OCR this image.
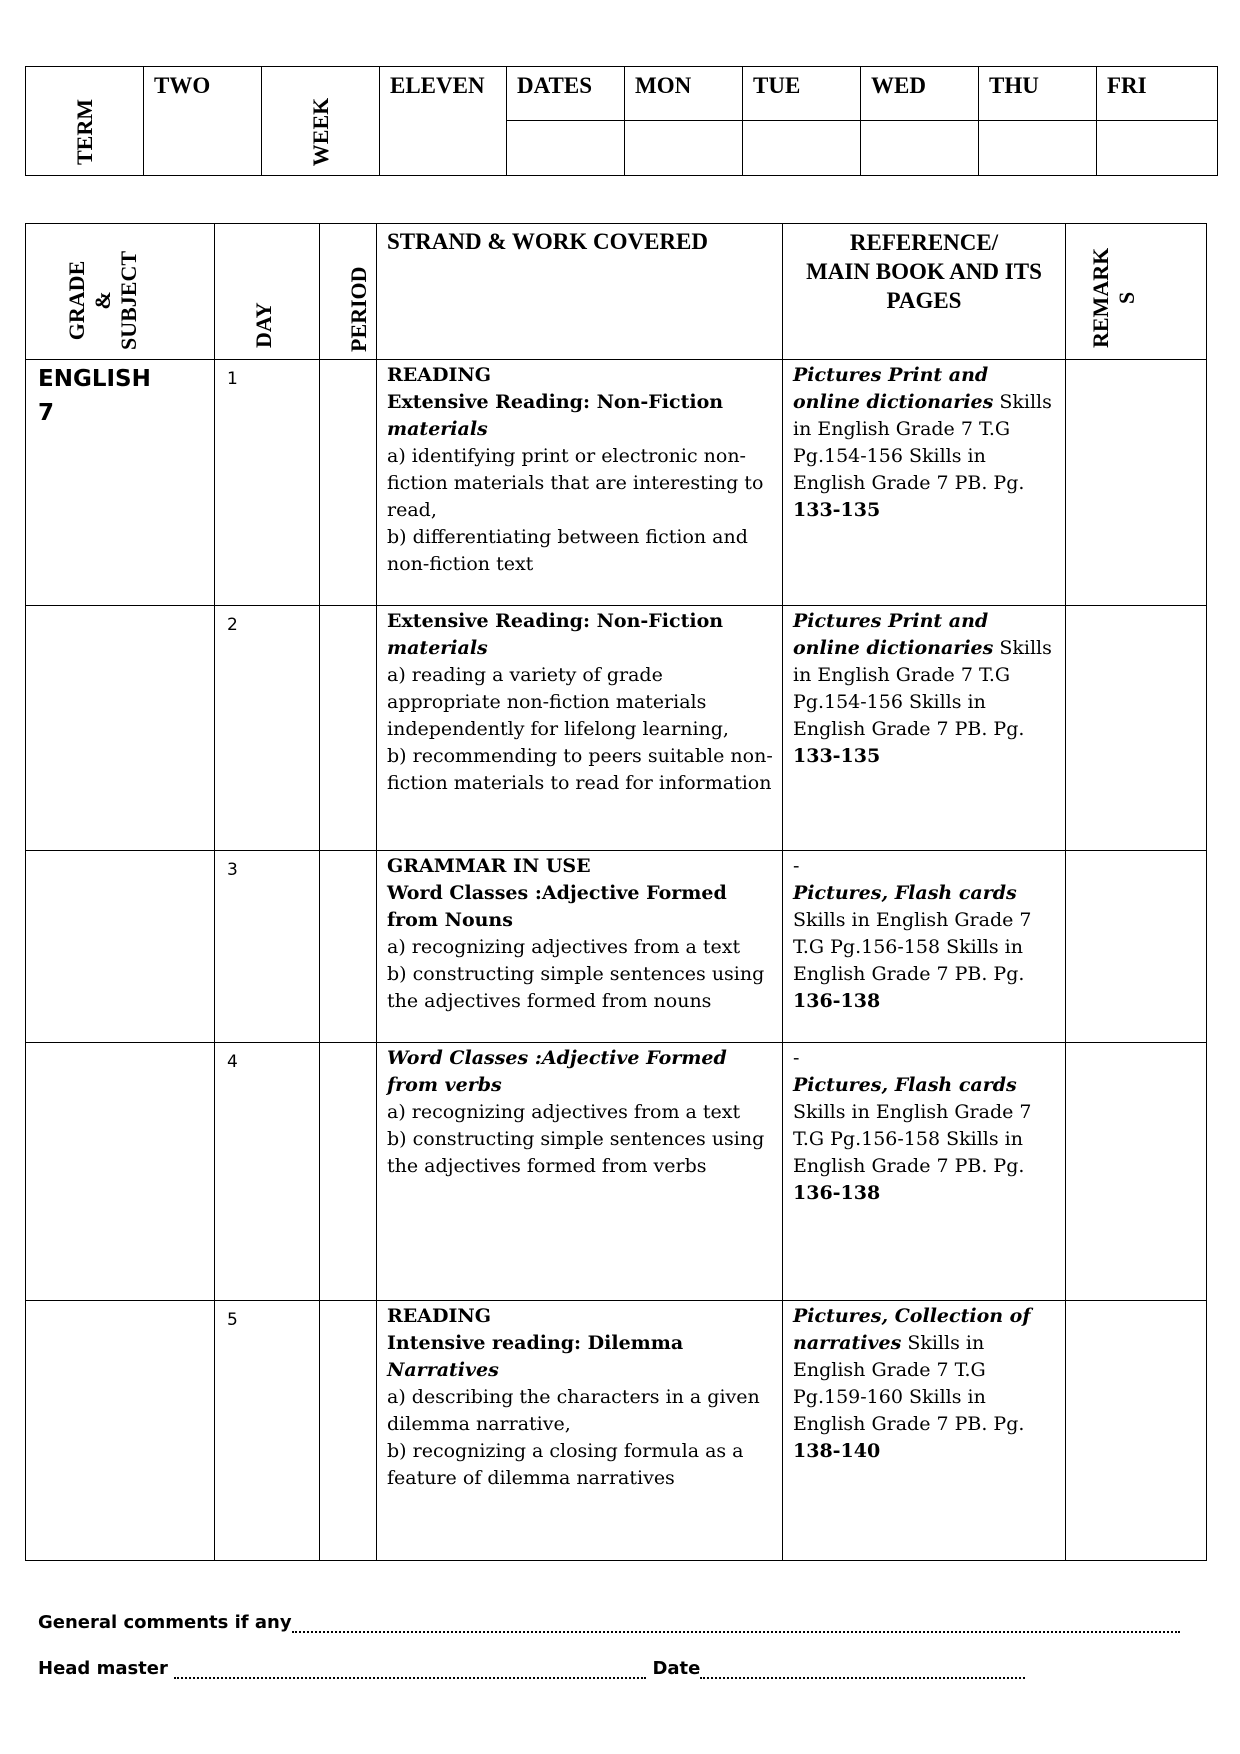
TERM	TWO	WEEK	ELEVEN	DATES	MON	TUE	WED	THU	FRI

GRADE
&
SUBJECT	DAY	PERIOD	STRAND & WORK COVERED	REFERENCE/
MAIN BOOK AND ITS
PAGES	REMARK
S

ENGLISH
7	1		READING
Extensive Reading: Non-Fiction materials
a) identifying print or electronic non-fiction materials that are interesting to read,
b) differentiating between fiction and non-fiction text	Pictures Print and online dictionaries Skills in English Grade 7 T.G Pg.154-156 Skills in English Grade 7 PB. Pg.
133-135	

	2		Extensive Reading: Non-Fiction materials
a) reading a variety of grade appropriate non-fiction materials independently for lifelong learning,
b) recommending to peers suitable non- fiction materials to read for information	Pictures Print and online dictionaries Skills in English Grade 7 T.G Pg.154-156 Skills in English Grade 7 PB. Pg.
133-135	

	3		GRAMMAR IN USE
Word Classes :Adjective Formed from Nouns
a) recognizing adjectives from a text
b) constructing simple sentences using the adjectives formed from nouns	-
Pictures, Flash cards
Skills in English Grade 7 T.G Pg.156-158 Skills in English Grade 7 PB. Pg.
136-138	

	4		Word Classes :Adjective Formed from verbs
a) recognizing adjectives from a text
b) constructing simple sentences using the adjectives formed from verbs	-
Pictures, Flash cards
Skills in English Grade 7 T.G Pg.156-158 Skills in English Grade 7 PB. Pg.
136-138	

	5		READING
Intensive reading: Dilemma Narratives
a) describing the characters in a given dilemma narrative,
b) recognizing a closing formula as a feature of dilemma narratives	Pictures, Collection of narratives Skills in English Grade 7 T.G Pg.159-160 Skills in English Grade 7 PB. Pg.
138-140	

General comments if any
Head master	Date
